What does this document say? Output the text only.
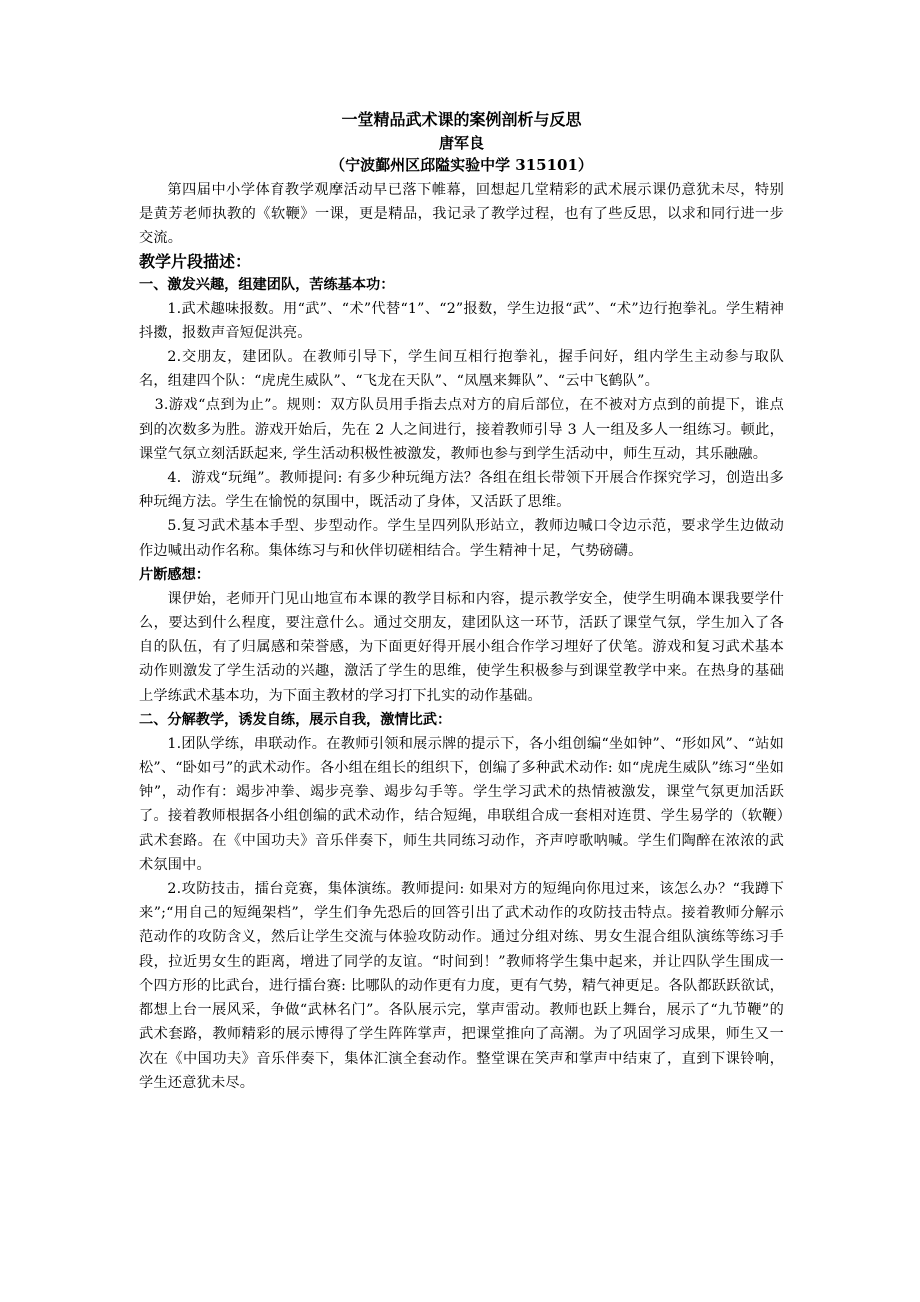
一堂精品武术课的案例剖析与反思
唐军良
（宁波鄞州区邱隘实验中学 315101）

第四届中小学体育教学观摩活动早已落下帷幕，回想起几堂精彩的武术展示课仍意犹未尽，特别是黄芳老师执教的《软鞭》一课，更是精品，我记录了教学过程，也有了些反思，以求和同行进一步交流。

教学片段描述：
一、激发兴趣，组建团队，苦练基本功：

1.武术趣味报数。用“武”、“术”代替“1”、“2”报数，学生边报“武”、“术”边行抱拳礼。学生精神抖擞，报数声音短促洪亮。

2.交朋友，建团队。在教师引导下，学生间互相行抱拳礼，握手问好，组内学生主动参与取队名，组建四个队：“虎虎生威队”、“飞龙在天队”、“凤凰来舞队”、“云中飞鹤队”。

3.游戏“点到为止”。规则：双方队员用手指去点对方的肩后部位，在不被对方点到的前提下，谁点到的次数多为胜。游戏开始后，先在 2 人之间进行，接着教师引导 3 人一组及多人一组练习。顿此，课堂气氛立刻活跃起来, 学生活动积极性被激发，教师也参与到学生活动中，师生互动，其乐融融。

4．游戏“玩绳”。教师提问: 有多少种玩绳方法？各组在组长带领下开展合作探究学习，创造出多种玩绳方法。学生在愉悦的氛围中，既活动了身体，又活跃了思维。

5.复习武术基本手型、步型动作。学生呈四列队形站立，教师边喊口令边示范，要求学生边做动作边喊出动作名称。集体练习与和伙伴切磋相结合。学生精神十足，气势磅礴。

片断感想：

课伊始，老师开门见山地宣布本课的教学目标和内容，提示教学安全，使学生明确本课我要学什么，要达到什么程度，要注意什么。通过交朋友，建团队这一环节，活跃了课堂气氛，学生加入了各自的队伍，有了归属感和荣誉感，为下面更好得开展小组合作学习埋好了伏笔。游戏和复习武术基本动作则激发了学生活动的兴趣，激活了学生的思维，使学生积极参与到课堂教学中来。在热身的基础上学练武术基本功，为下面主教材的学习打下扎实的动作基础。

二、分解教学，诱发自练，展示自我，激情比武：

1.团队学练，串联动作。在教师引领和展示牌的提示下，各小组创编“坐如钟”、“形如风”、“站如松”、“卧如弓”的武术动作。各小组在组长的组织下，创编了多种武术动作: 如“虎虎生威队”练习“坐如钟”，动作有：竭步冲拳、竭步亮拳、竭步勾手等。学生学习武术的热情被激发，课堂气氛更加活跃了。接着教师根据各小组创编的武术动作，结合短绳，串联组合成一套相对连贯、学生易学的（软鞭）武术套路。在《中国功夫》音乐伴奏下，师生共同练习动作，齐声哼歌呐喊。学生们陶醉在浓浓的武术氛围中。

2.攻防技击，擂台竞赛，集体演练。教师提问: 如果对方的短绳向你甩过来，该怎么办？“我蹲下来”;“用自己的短绳架档”，学生们争先恐后的回答引出了武术动作的攻防技击特点。接着教师分解示范动作的攻防含义，然后让学生交流与体验攻防动作。通过分组对练、男女生混合组队演练等练习手段，拉近男女生的距离，增进了同学的友谊。“时间到！”教师将学生集中起来，并让四队学生围成一个四方形的比武台，进行擂台赛: 比哪队的动作更有力度，更有气势，精气神更足。各队都跃跃欲试，都想上台一展风采，争做“武林名门”。各队展示完，掌声雷动。教师也跃上舞台，展示了“九节鞭”的武术套路，教师精彩的展示博得了学生阵阵掌声，把课堂推向了高潮。为了巩固学习成果，师生又一次在《中国功夫》音乐伴奏下，集体汇演全套动作。整堂课在笑声和掌声中结束了，直到下课铃响，学生还意犹未尽。
